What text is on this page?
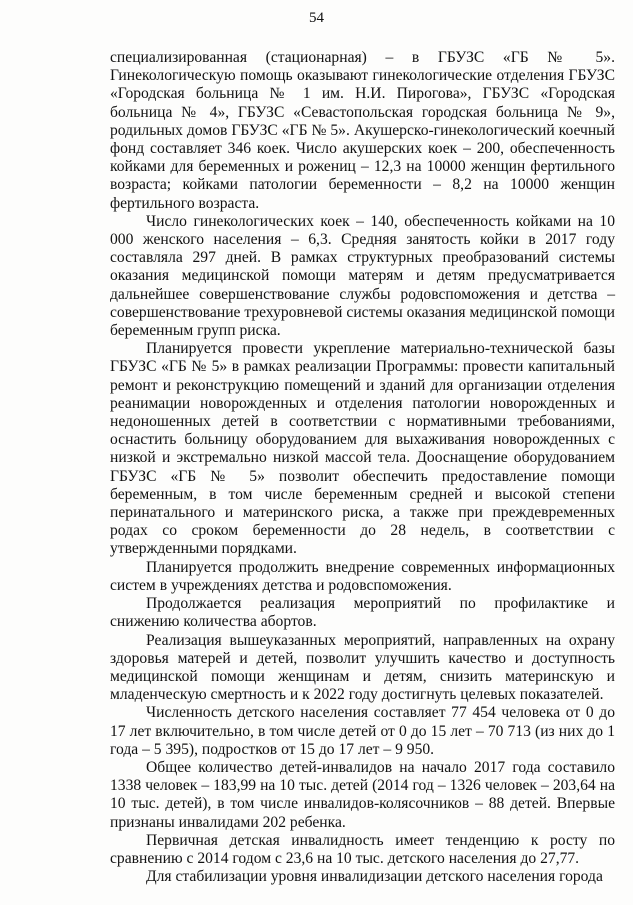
54

специализированная (стационарная) – в ГБУЗС «ГБ № 5». Гинекологическую помощь оказывают гинекологические отделения ГБУЗС «Городская больница № 1 им. Н.И. Пирогова», ГБУЗС «Городская больница № 4», ГБУЗС «Севастопольская городская больница № 9», родильных домов ГБУЗС «ГБ № 5». Акушерско-гинекологический коечный фонд составляет 346 коек. Число акушерских коек – 200, обеспеченность койками для беременных и рожениц – 12,3 на 10000 женщин фертильного возраста; койками патологии беременности – 8,2 на 10000 женщин фертильного возраста.

Число гинекологических коек – 140, обеспеченность койками на 10 000 женского населения – 6,3. Средняя занятость койки в 2017 году составляла 297 дней. В рамках структурных преобразований системы оказания медицинской помощи матерям и детям предусматривается дальнейшее совершенствование службы родовспоможения и детства – совершенствование трехуровневой системы оказания медицинской помощи беременным групп риска.

Планируется провести укрепление материально-технической базы ГБУЗС «ГБ № 5» в рамках реализации Программы: провести капитальный ремонт и реконструкцию помещений и зданий для организации отделения реанимации новорожденных и отделения патологии новорожденных и недоношенных детей в соответствии с нормативными требованиями, оснастить больницу оборудованием для выхаживания новорожденных с низкой и экстремально низкой массой тела. Дооснащение оборудованием ГБУЗС «ГБ № 5» позволит обеспечить предоставление помощи беременным, в том числе беременным средней и высокой степени перинатального и материнского риска, а также при преждевременных родах со сроком беременности до 28 недель, в соответствии с утвержденными порядками.

Планируется продолжить внедрение современных информационных систем в учреждениях детства и родовспоможения.

Продолжается реализация мероприятий по профилактике и снижению количества абортов.

Реализация вышеуказанных мероприятий, направленных на охрану здоровья матерей и детей, позволит улучшить качество и доступность медицинской помощи женщинам и детям, снизить материнскую и младенческую смертность и к 2022 году достигнуть целевых показателей.

Численность детского населения составляет 77 454 человека от 0 до 17 лет включительно, в том числе детей от 0 до 15 лет – 70 713 (из них до 1 года – 5 395), подростков от 15 до 17 лет – 9 950.

Общее количество детей-инвалидов на начало 2017 года составило 1338 человек – 183,99 на 10 тыс. детей (2014 год – 1326 человек – 203,64 на 10 тыс. детей), в том числе инвалидов-колясочников – 88 детей. Впервые признаны инвалидами 202 ребенка.

Первичная детская инвалидность имеет тенденцию к росту по сравнению с 2014 годом с 23,6 на 10 тыс. детского населения до 27,77.

Для стабилизации уровня инвалидизации детского населения города
